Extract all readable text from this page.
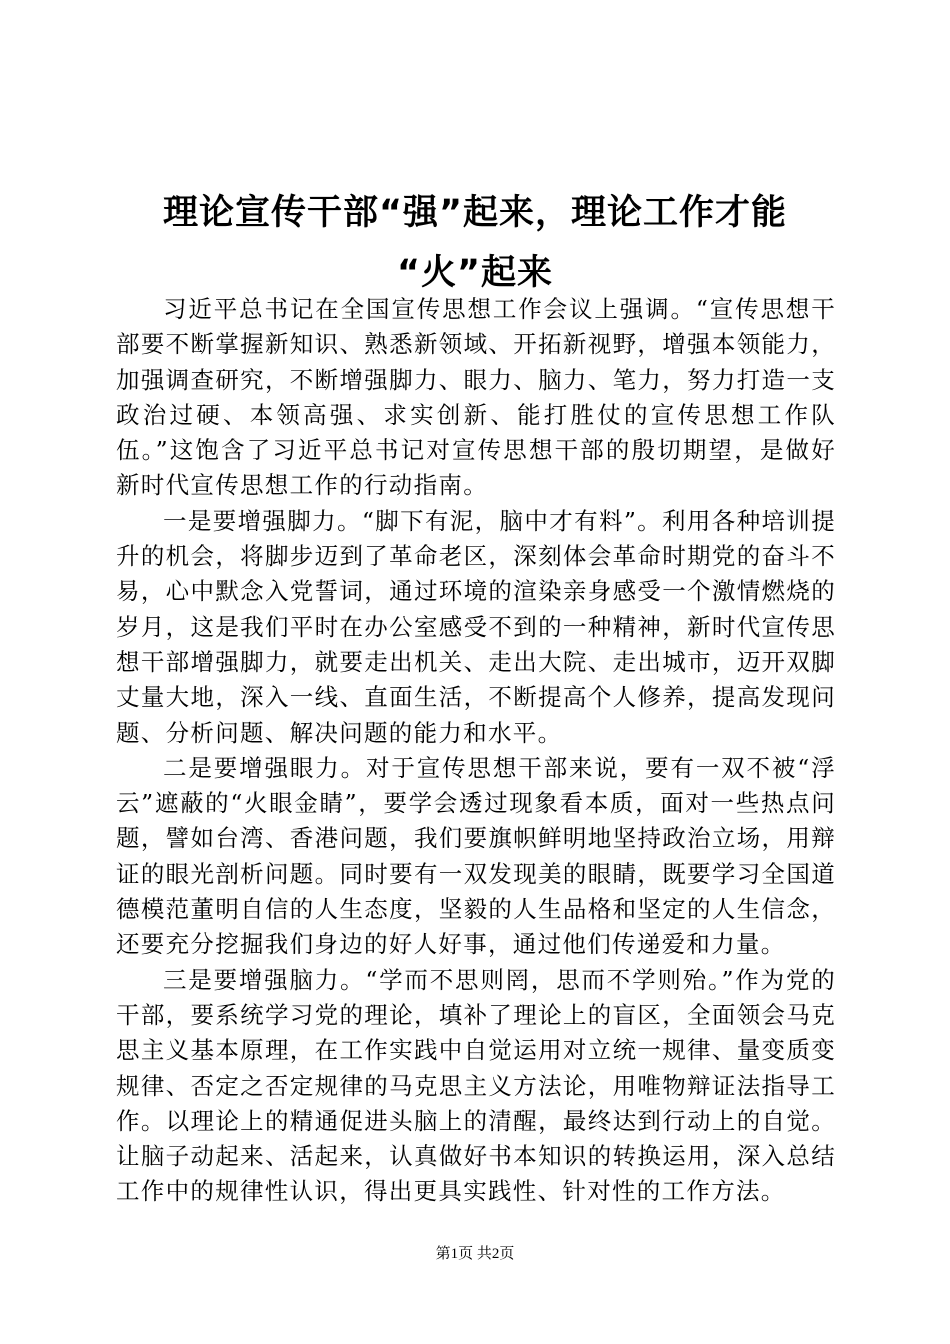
理论宣传干部“强”起来，理论工作才能
“火”起来

习近平总书记在全国宣传思想工作会议上强调。“宣传思想干部要不断掌握新知识、熟悉新领域、开拓新视野，增强本领能力，加强调查研究，不断增强脚力、眼力、脑力、笔力，努力打造一支政治过硬、本领高强、求实创新、能打胜仗的宣传思想工作队伍。”这饱含了习近平总书记对宣传思想干部的殷切期望，是做好新时代宣传思想工作的行动指南。

一是要增强脚力。“脚下有泥，脑中才有料”。利用各种培训提升的机会，将脚步迈到了革命老区，深刻体会革命时期党的奋斗不易，心中默念入党誓词，通过环境的渲染亲身感受一个激情燃烧的岁月，这是我们平时在办公室感受不到的一种精神，新时代宣传思想干部增强脚力，就要走出机关、走出大院、走出城市，迈开双脚丈量大地，深入一线、直面生活，不断提高个人修养，提高发现问题、分析问题、解决问题的能力和水平。

二是要增强眼力。对于宣传思想干部来说，要有一双不被“浮云”遮蔽的“火眼金睛”，要学会透过现象看本质，面对一些热点问题，譬如台湾、香港问题，我们要旗帜鲜明地坚持政治立场，用辩证的眼光剖析问题。同时要有一双发现美的眼睛，既要学习全国道德模范董明自信的人生态度，坚毅的人生品格和坚定的人生信念，还要充分挖掘我们身边的好人好事，通过他们传递爱和力量。

三是要增强脑力。“学而不思则罔，思而不学则殆。”作为党的干部，要系统学习党的理论，填补了理论上的盲区，全面领会马克思主义基本原理，在工作实践中自觉运用对立统一规律、量变质变规律、否定之否定规律的马克思主义方法论，用唯物辩证法指导工作。以理论上的精通促进头脑上的清醒，最终达到行动上的自觉。让脑子动起来、活起来，认真做好书本知识的转换运用，深入总结工作中的规律性认识，得出更具实践性、针对性的工作方法。

第1页 共2页
